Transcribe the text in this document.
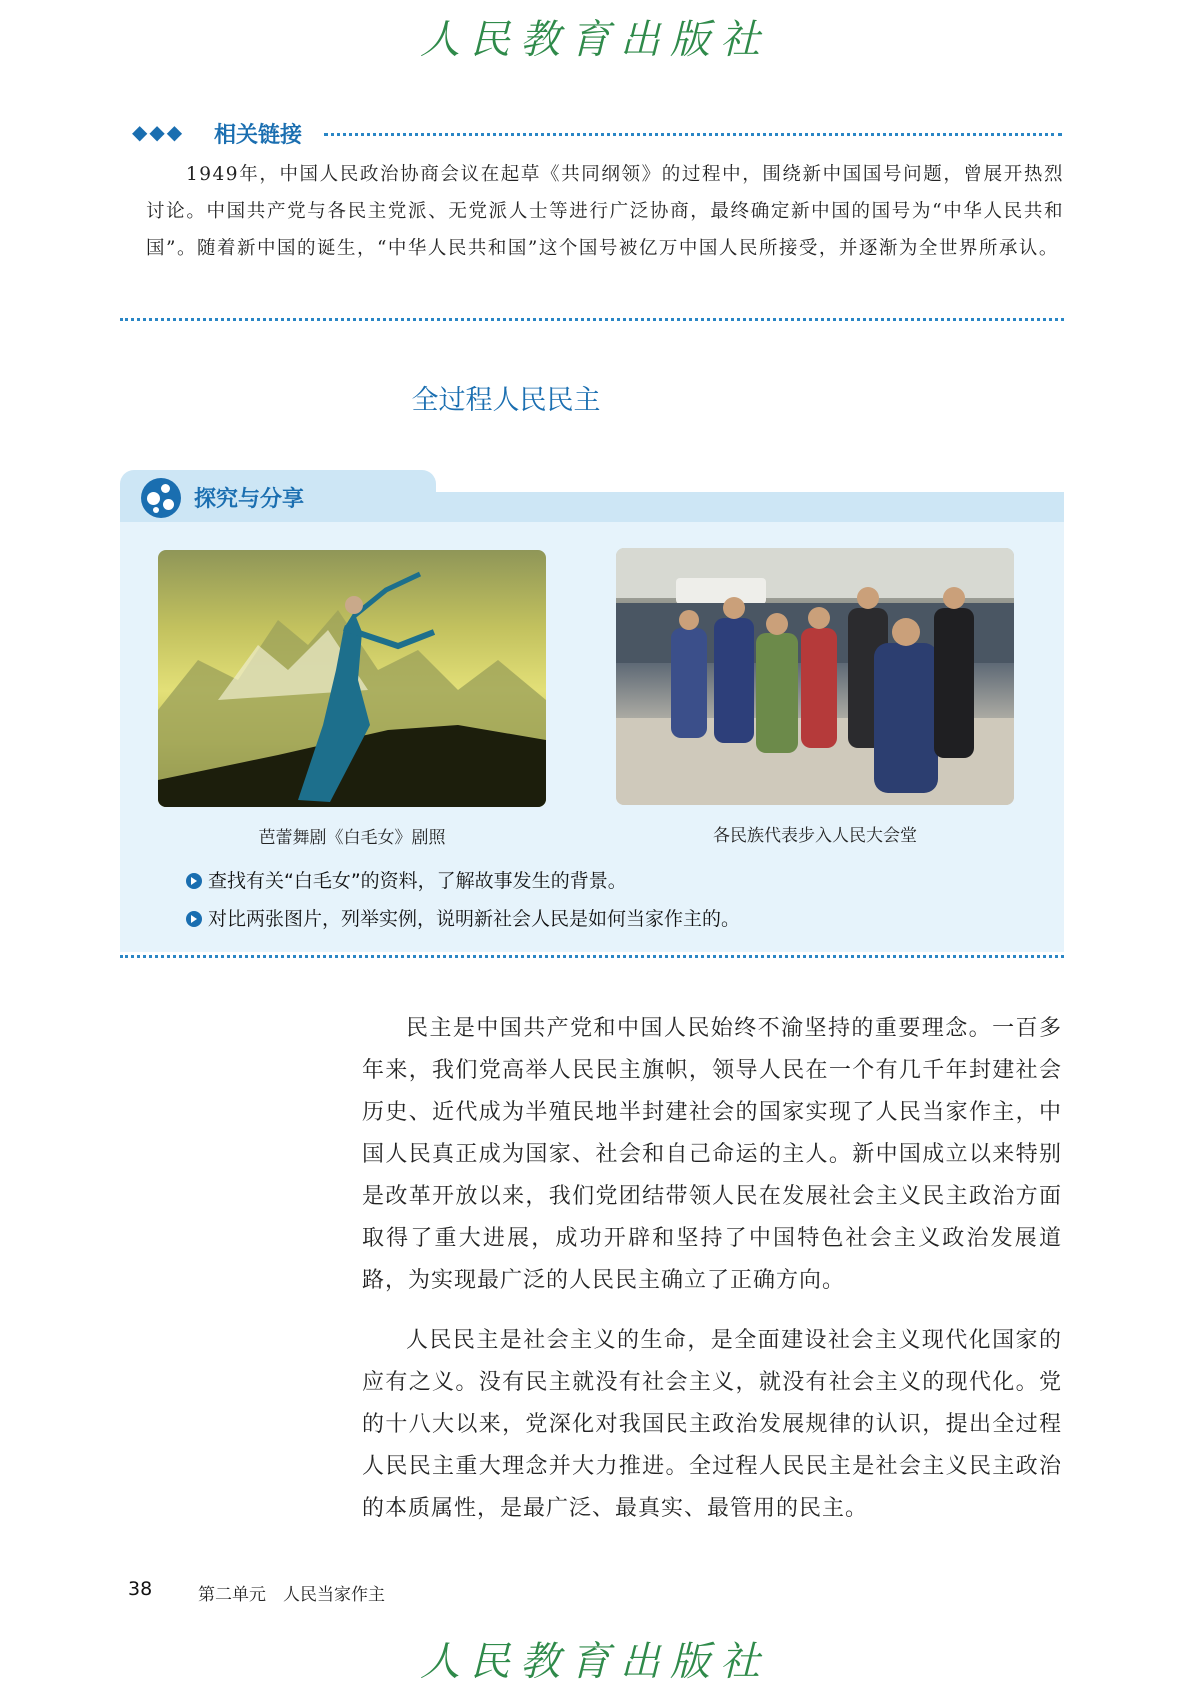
人民教育出版社
◆◆◆ 相关链接
1949年，中国人民政治协商会议在起草《共同纲领》的过程中，围绕新中国国号问题，曾展开热烈讨论。中国共产党与各民主党派、无党派人士等进行广泛协商，最终确定新中国的国号为“中华人民共和国”。随着新中国的诞生，“中华人民共和国”这个国号被亿万中国人民所接受，并逐渐为全世界所承认。
全过程人民民主
探究与分享
芭蕾舞剧《白毛女》剧照	各民族代表步入人民大会堂
查找有关“白毛女”的资料，了解故事发生的背景。
对比两张图片，列举实例，说明新社会人民是如何当家作主的。

民主是中国共产党和中国人民始终不渝坚持的重要理念。一百多年来，我们党高举人民民主旗帜，领导人民在一个有几千年封建社会历史、近代成为半殖民地半封建社会的国家实现了人民当家作主，中国人民真正成为国家、社会和自己命运的主人。新中国成立以来特别是改革开放以来，我们党团结带领人民在发展社会主义民主政治方面取得了重大进展，成功开辟和坚持了中国特色社会主义政治发展道路，为实现最广泛的人民民主确立了正确方向。

人民民主是社会主义的生命，是全面建设社会主义现代化国家的应有之义。没有民主就没有社会主义，就没有社会主义的现代化。党的十八大以来，党深化对我国民主政治发展规律的认识，提出全过程人民民主重大理念并大力推进。全过程人民民主是社会主义民主政治的本质属性，是最广泛、最真实、最管用的民主。

38	第二单元　人民当家作主
人民教育出版社
